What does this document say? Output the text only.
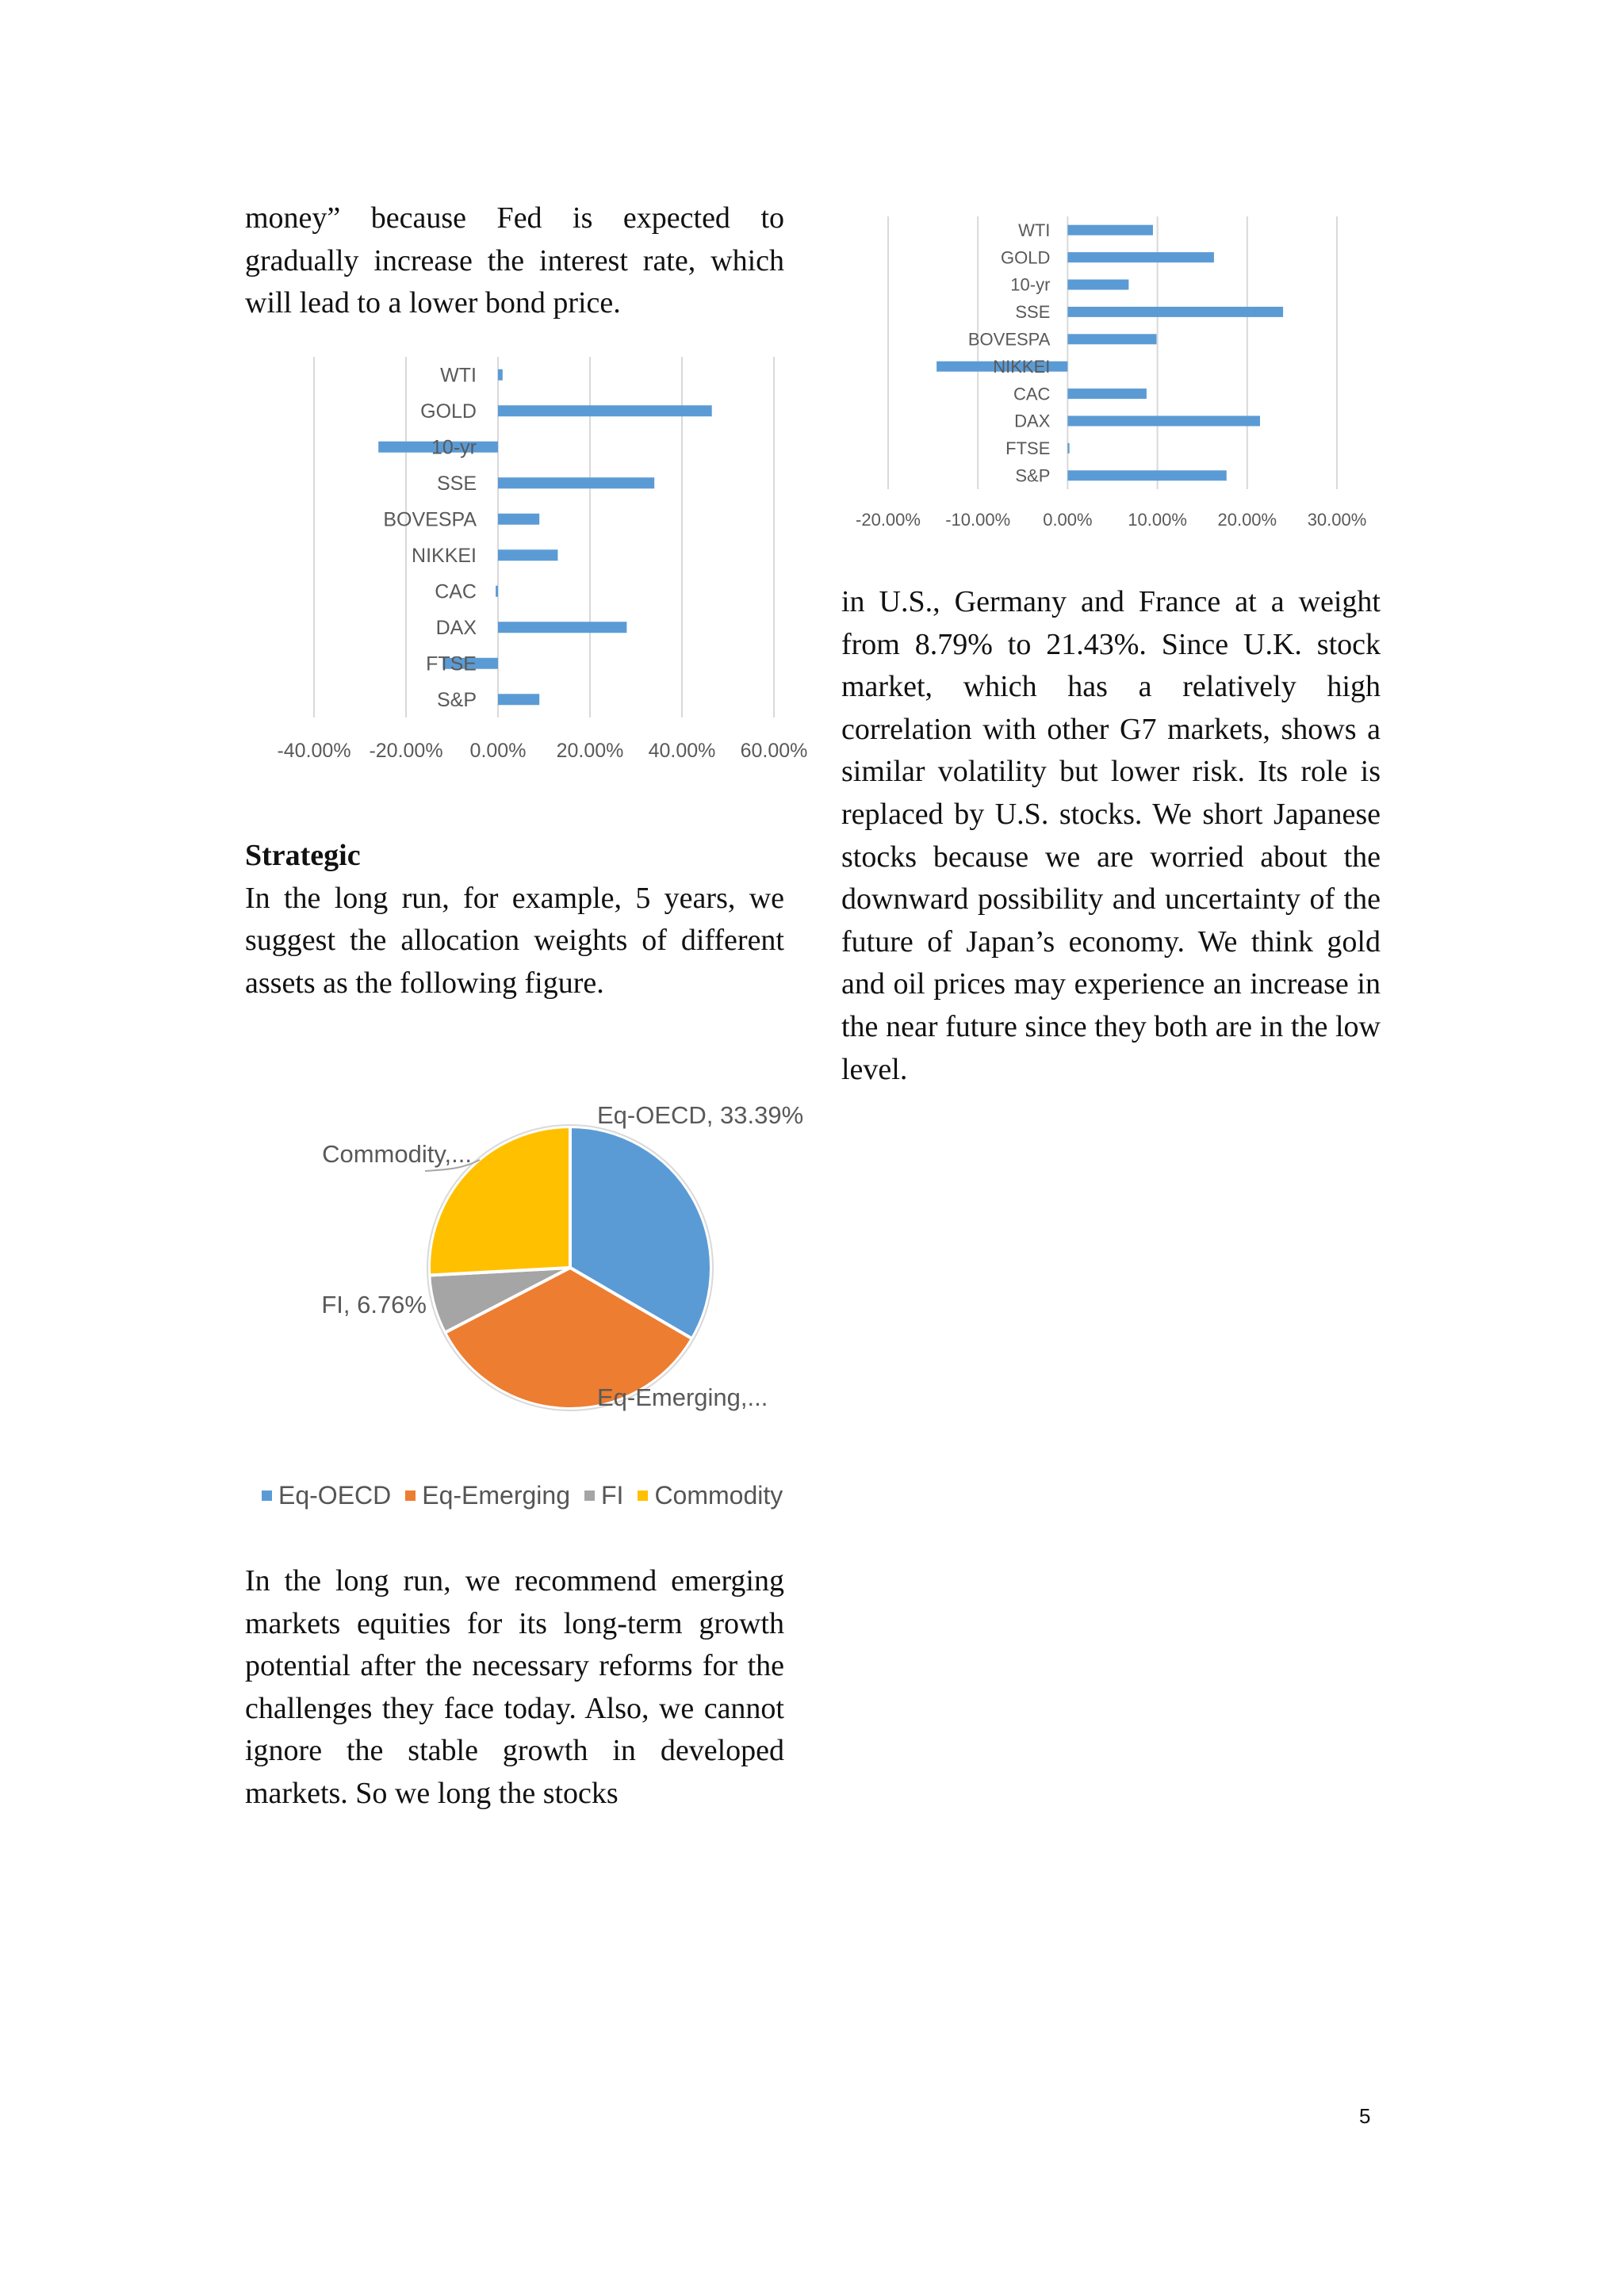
money” because Fed is expected to gradually increase the interest rate, which will lead to a lower bond price.

-40.00% -20.00% 0.00% 20.00% 40.00% 60.00%
WTI
GOLD
10-yr
SSE
BOVESPA
NIKKEI
CAC
DAX
FTSE
S&P

Strategic

In the long run, for example, 5 years, we suggest the allocation weights of different assets as the following figure.

Eq-OECD, 33.39%
Eq-Emerging,...
FI, 6.76%
Commodity,...
Eq-OECD Eq-Emerging FI Commodity

In the long run, we recommend emerging markets equities for its long-term growth potential after the necessary reforms for the challenges they face today. Also, we cannot ignore the stable growth in developed markets. So we long the stocks

-20.00% -10.00% 0.00% 10.00% 20.00% 30.00%
WTI
GOLD
10-yr
SSE
BOVESPA
NIKKEI
CAC
DAX
FTSE
S&P

in U.S., Germany and France at a weight from 8.79% to 21.43%. Since U.K. stock market, which has a relatively high correlation with other G7 markets, shows a similar volatility but lower risk. Its role is replaced by U.S. stocks. We short Japanese stocks because we are worried about the downward possibility and uncertainty of the future of Japan’s economy. We think gold and oil prices may experience an increase in the near future since they both are in the low level.

5
